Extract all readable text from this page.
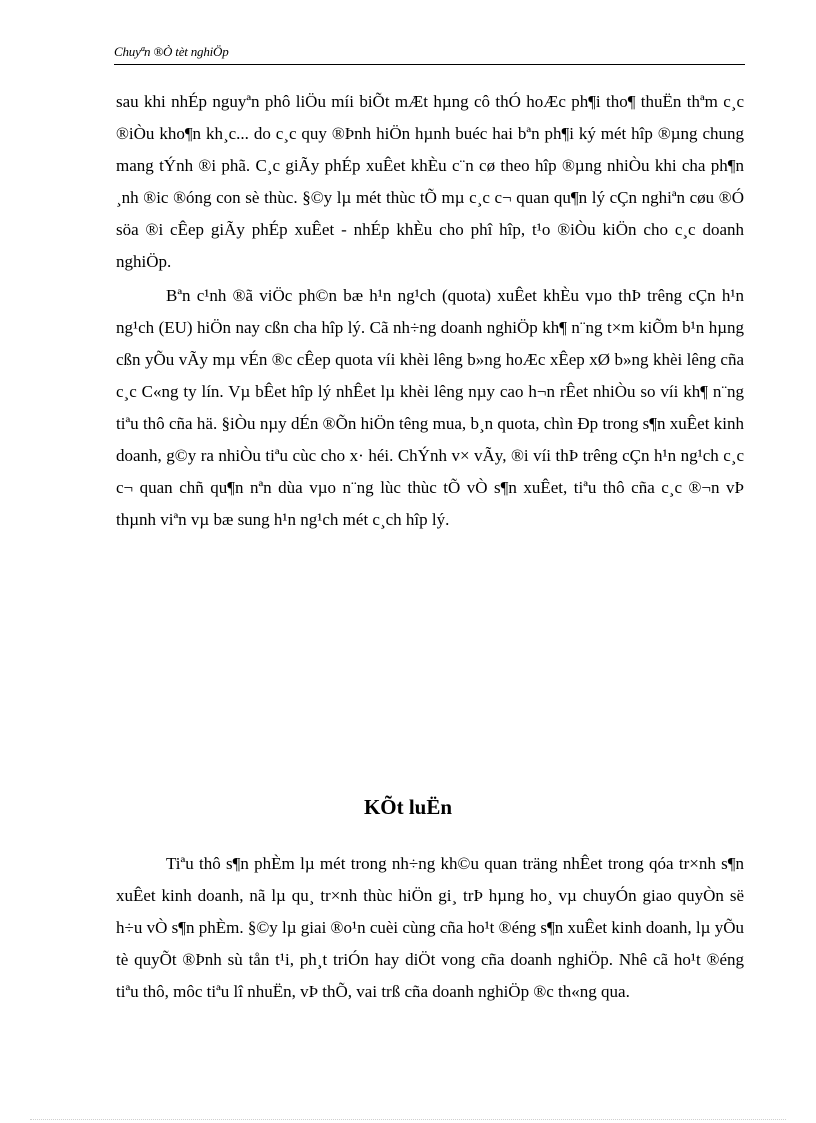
Chuyªn ®Ò tèt nghiÖp

sau khi nhÉp nguyªn phô liÖu míi biÕt mÆt hµng cô thÓ hoÆc ph¶i tho¶ thuËn thªm c¸c ®iÒu kho¶n kh¸c... do c¸c quy ®Þnh hiÖn hµnh buéc hai bªn ph¶i ký mét hîp ®µng chung mang tÝnh ®i phã. C¸c giÃy phÉp xuÊet khÈu c¨n cø theo hîp ®µng nhiÒu khi cha ph¶n ¸nh ®ic ®óng con sè thùc. §©y lµ mét thùc tÕ mµ c¸c c¬ quan qu¶n lý cÇn nghiªn cøu ®Ó söa ®i cÊep giÃy phÉp xuÊet - nhÉp khÈu cho phî hîp, t¹o ®iÒu kiÖn cho c¸c doanh nghiÖp.

Bªn c¹nh ®ã viÖc ph©n bæ h¹n ng¹ch (quota) xuÊet khÈu vµo thÞ trêng cÇn h¹n ng¹ch (EU) hiÖn nay cßn cha hîp lý. Cã nh÷ng doanh nghiÖp kh¶ n¨ng t×m kiÕm b¹n hµng cßn yÕu vÃy mµ vÉn ®c cÊep quota víi khèi lêng b»ng hoÆc xÊep xØ b»ng khèi lêng cña c¸c C«ng ty lín. Vµ bÊet hîp lý nhÊet lµ khèi lêng nµy cao h¬n rÊet nhiÒu so víi kh¶ n¨ng tiªu thô cña hä. §iÒu nµy dÉn ®Õn hiÖn têng mua, b¸n quota, chìn Ðp trong s¶n xuÊet kinh doanh, g©y ra nhiÒu tiªu cùc cho x· héi. ChÝnh v× vÃy, ®i víi thÞ trêng cÇn h¹n ng¹ch c¸c c¬ quan chñ qu¶n nªn dùa vµo n¨ng lùc thùc tÕ vÒ s¶n xuÊet, tiªu thô cña c¸c ®¬n vÞ thµnh viªn vµ bæ sung h¹n ng¹ch mét c¸ch hîp lý.

KÕt luËn

Tiªu thô s¶n phÈm lµ mét trong nh÷ng kh©u quan träng nhÊet trong qóa tr×nh s¶n xuÊet kinh doanh, nã lµ qu¸ tr×nh thùc hiÖn gi¸ trÞ hµng ho¸ vµ chuyÓn giao quyÒn së h÷u vÒ s¶n phÈm. §©y lµ giai ®o¹n cuèi cùng cña ho¹t ®éng s¶n xuÊet kinh doanh, lµ yÕu tè quyÕt ®Þnh sù tån t¹i, ph¸t triÓn hay diÖt vong cña doanh nghiÖp. Nhê cã ho¹t ®éng tiªu thô, môc tiªu lî nhuËn, vÞ thÕ, vai trß cña doanh nghiÖp ®c th«ng qua.
